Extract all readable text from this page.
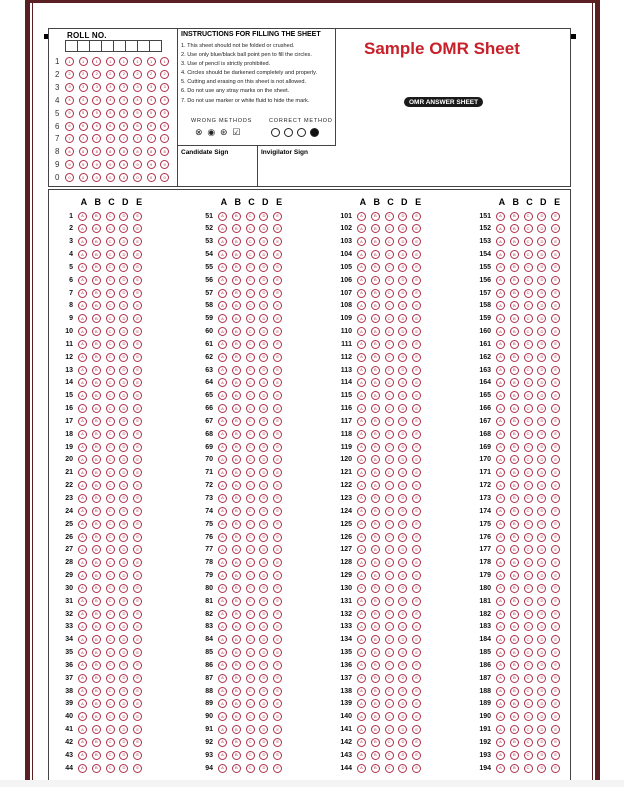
ROLL NO.
1	1	1	1	1	1	1	1	1
2	2	2	2	2	2	2	2	2
3	3	3	3	3	3	3	3	3
4	4	4	4	4	4	4	4	4
5	5	5	5	5	5	5	5	5
6	6	6	6	6	6	6	6	6
7	7	7	7	7	7	7	7	7
8	8	8	8	8	8	8	8	8
9	9	9	9	9	9	9	9	9
0	0	0	0	0	0	0	0	0
INSTRUCTIONS FOR FILLING THE SHEET
1. This sheet should not be folded or crushed.
2. Use only blue/black ball point pen to fill the circles.
3. Use of pencil is strictly prohibited.
4. Circles should be darkened completely and properly.
5. Cutting and erasing on this sheet is not allowed.
6. Do not use any stray marks on the sheet.
7. Do not use marker or white fluid to hide the mark.
WRONG METHODS	CORRECT METHOD
⊗ ◉ ⊛ ☑
Candidate Sign	Invigilator Sign
Sample OMR Sheet
OMR ANSWER SHEET
A B C D E
1	A	B	C	D	E
2	A	B	C	D	E
3	A	B	C	D	E
4	A	B	C	D	E
5	A	B	C	D	E
6	A	B	C	D	E
7	A	B	C	D	E
8	A	B	C	D	E
9	A	B	C	D	E
10	A	B	C	D	E
11	A	B	C	D	E
12	A	B	C	D	E
13	A	B	C	D	E
14	A	B	C	D	E
15	A	B	C	D	E
16	A	B	C	D	E
17	A	B	C	D	E
18	A	B	C	D	E
19	A	B	C	D	E
20	A	B	C	D	E
21	A	B	C	D	E
22	A	B	C	D	E
23	A	B	C	D	E
24	A	B	C	D	E
25	A	B	C	D	E
26	A	B	C	D	E
27	A	B	C	D	E
28	A	B	C	D	E
29	A	B	C	D	E
30	A	B	C	D	E
31	A	B	C	D	E
32	A	B	C	D	E
33	A	B	C	D	E
34	A	B	C	D	E
35	A	B	C	D	E
36	A	B	C	D	E
37	A	B	C	D	E
38	A	B	C	D	E
39	A	B	C	D	E
40	A	B	C	D	E
41	A	B	C	D	E
42	A	B	C	D	E
43	A	B	C	D	E
44	A	B	C	D	E
A B C D E
51	A	B	C	D	E
52	A	B	C	D	E
53	A	B	C	D	E
54	A	B	C	D	E
55	A	B	C	D	E
56	A	B	C	D	E
57	A	B	C	D	E
58	A	B	C	D	E
59	A	B	C	D	E
60	A	B	C	D	E
61	A	B	C	D	E
62	A	B	C	D	E
63	A	B	C	D	E
64	A	B	C	D	E
65	A	B	C	D	E
66	A	B	C	D	E
67	A	B	C	D	E
68	A	B	C	D	E
69	A	B	C	D	E
70	A	B	C	D	E
71	A	B	C	D	E
72	A	B	C	D	E
73	A	B	C	D	E
74	A	B	C	D	E
75	A	B	C	D	E
76	A	B	C	D	E
77	A	B	C	D	E
78	A	B	C	D	E
79	A	B	C	D	E
80	A	B	C	D	E
81	A	B	C	D	E
82	A	B	C	D	E
83	A	B	C	D	E
84	A	B	C	D	E
85	A	B	C	D	E
86	A	B	C	D	E
87	A	B	C	D	E
88	A	B	C	D	E
89	A	B	C	D	E
90	A	B	C	D	E
91	A	B	C	D	E
92	A	B	C	D	E
93	A	B	C	D	E
94	A	B	C	D	E
A B C D E
101	A	B	C	D	E
102	A	B	C	D	E
103	A	B	C	D	E
104	A	B	C	D	E
105	A	B	C	D	E
106	A	B	C	D	E
107	A	B	C	D	E
108	A	B	C	D	E
109	A	B	C	D	E
110	A	B	C	D	E
111	A	B	C	D	E
112	A	B	C	D	E
113	A	B	C	D	E
114	A	B	C	D	E
115	A	B	C	D	E
116	A	B	C	D	E
117	A	B	C	D	E
118	A	B	C	D	E
119	A	B	C	D	E
120	A	B	C	D	E
121	A	B	C	D	E
122	A	B	C	D	E
123	A	B	C	D	E
124	A	B	C	D	E
125	A	B	C	D	E
126	A	B	C	D	E
127	A	B	C	D	E
128	A	B	C	D	E
129	A	B	C	D	E
130	A	B	C	D	E
131	A	B	C	D	E
132	A	B	C	D	E
133	A	B	C	D	E
134	A	B	C	D	E
135	A	B	C	D	E
136	A	B	C	D	E
137	A	B	C	D	E
138	A	B	C	D	E
139	A	B	C	D	E
140	A	B	C	D	E
141	A	B	C	D	E
142	A	B	C	D	E
143	A	B	C	D	E
144	A	B	C	D	E
A B C D E
151	A	B	C	D	E
152	A	B	C	D	E
153	A	B	C	D	E
154	A	B	C	D	E
155	A	B	C	D	E
156	A	B	C	D	E
157	A	B	C	D	E
158	A	B	C	D	E
159	A	B	C	D	E
160	A	B	C	D	E
161	A	B	C	D	E
162	A	B	C	D	E
163	A	B	C	D	E
164	A	B	C	D	E
165	A	B	C	D	E
166	A	B	C	D	E
167	A	B	C	D	E
168	A	B	C	D	E
169	A	B	C	D	E
170	A	B	C	D	E
171	A	B	C	D	E
172	A	B	C	D	E
173	A	B	C	D	E
174	A	B	C	D	E
175	A	B	C	D	E
176	A	B	C	D	E
177	A	B	C	D	E
178	A	B	C	D	E
179	A	B	C	D	E
180	A	B	C	D	E
181	A	B	C	D	E
182	A	B	C	D	E
183	A	B	C	D	E
184	A	B	C	D	E
185	A	B	C	D	E
186	A	B	C	D	E
187	A	B	C	D	E
188	A	B	C	D	E
189	A	B	C	D	E
190	A	B	C	D	E
191	A	B	C	D	E
192	A	B	C	D	E
193	A	B	C	D	E
194	A	B	C	D	E
